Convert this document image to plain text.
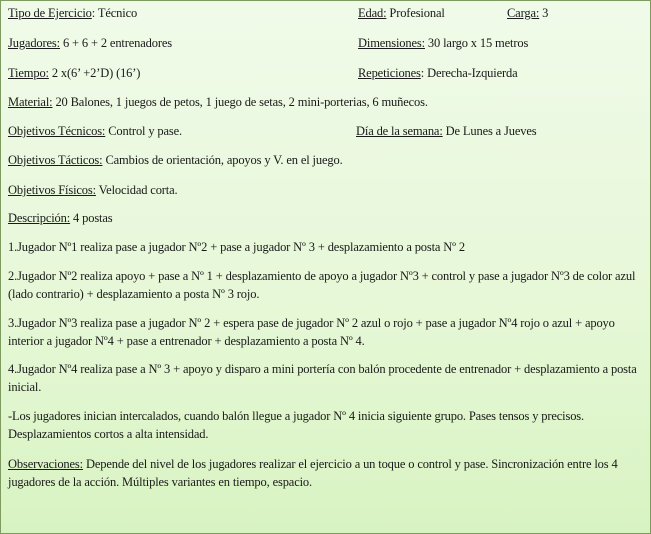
Tipo de Ejercicio: Técnico	Edad: Profesional	Carga: 3
Jugadores: 6 + 6 + 2 entrenadores	Dimensiones: 30 largo x 15 metros
Tiempo: 2 x(6’ +2’D) (16’)	Repeticiones: Derecha-Izquierda
Material: 20 Balones, 1 juegos de petos, 1 juego de setas, 2 mini-porterias, 6 muñecos.
Objetivos Técnicos: Control y pase.	Día de la semana: De Lunes a Jueves
Objetivos Tácticos: Cambios de orientación, apoyos y V. en el juego.
Objetivos Físicos: Velocidad corta.
Descripción: 4 postas
1.Jugador Nº1 realiza pase a jugador Nº2 + pase a jugador Nº 3 + desplazamiento a posta Nº 2
2.Jugador Nº2 realiza apoyo + pase a Nº 1 + desplazamiento de apoyo a jugador Nº3 + control y pase a jugador Nº3 de color azul (lado contrario) + desplazamiento a posta Nº 3 rojo.
3.Jugador Nº3 realiza pase a jugador Nº 2 + espera pase de jugador Nº 2 azul o rojo + pase a jugador Nº4 rojo o azul + apoyo interior a jugador Nº4 + pase a entrenador + desplazamiento a posta Nº 4.
4.Jugador Nº4 realiza pase a Nº 3 + apoyo y disparo a mini portería con balón procedente de entrenador + desplazamiento a posta inicial.
-Los jugadores inician intercalados, cuando balón llegue a jugador Nº 4 inicia siguiente grupo. Pases tensos y precisos. Desplazamientos cortos a alta intensidad.
Observaciones: Depende del nivel de los jugadores realizar el ejercicio a un toque o control y pase. Sincronización entre los 4 jugadores de la acción. Múltiples variantes en tiempo, espacio.
